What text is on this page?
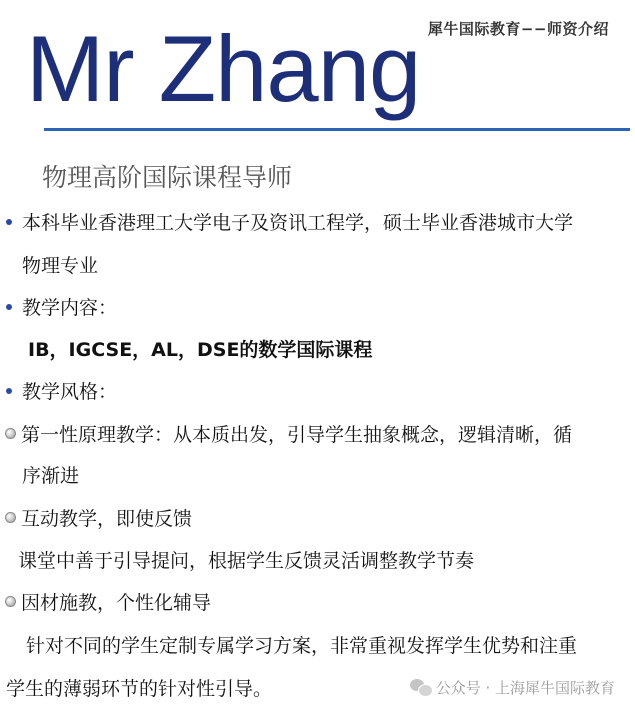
犀牛国际教育−−师资介绍
Mr Zhang
物理高阶国际课程导师
本科毕业香港理工大学电子及资讯工程学，硕士毕业香港城市大学
物理专业
教学内容：
IB，IGCSE，AL，DSE的数学国际课程
教学风格：
第一性原理教学：从本质出发，引导学生抽象概念，逻辑清晰，循
序渐进
互动教学，即使反馈
课堂中善于引导提问，根据学生反馈灵活调整教学节奏
因材施教，个性化辅导
针对不同的学生定制专属学习方案，非常重视发挥学生优势和注重
学生的薄弱环节的针对性引导。	公众号 · 上海犀牛国际教育
